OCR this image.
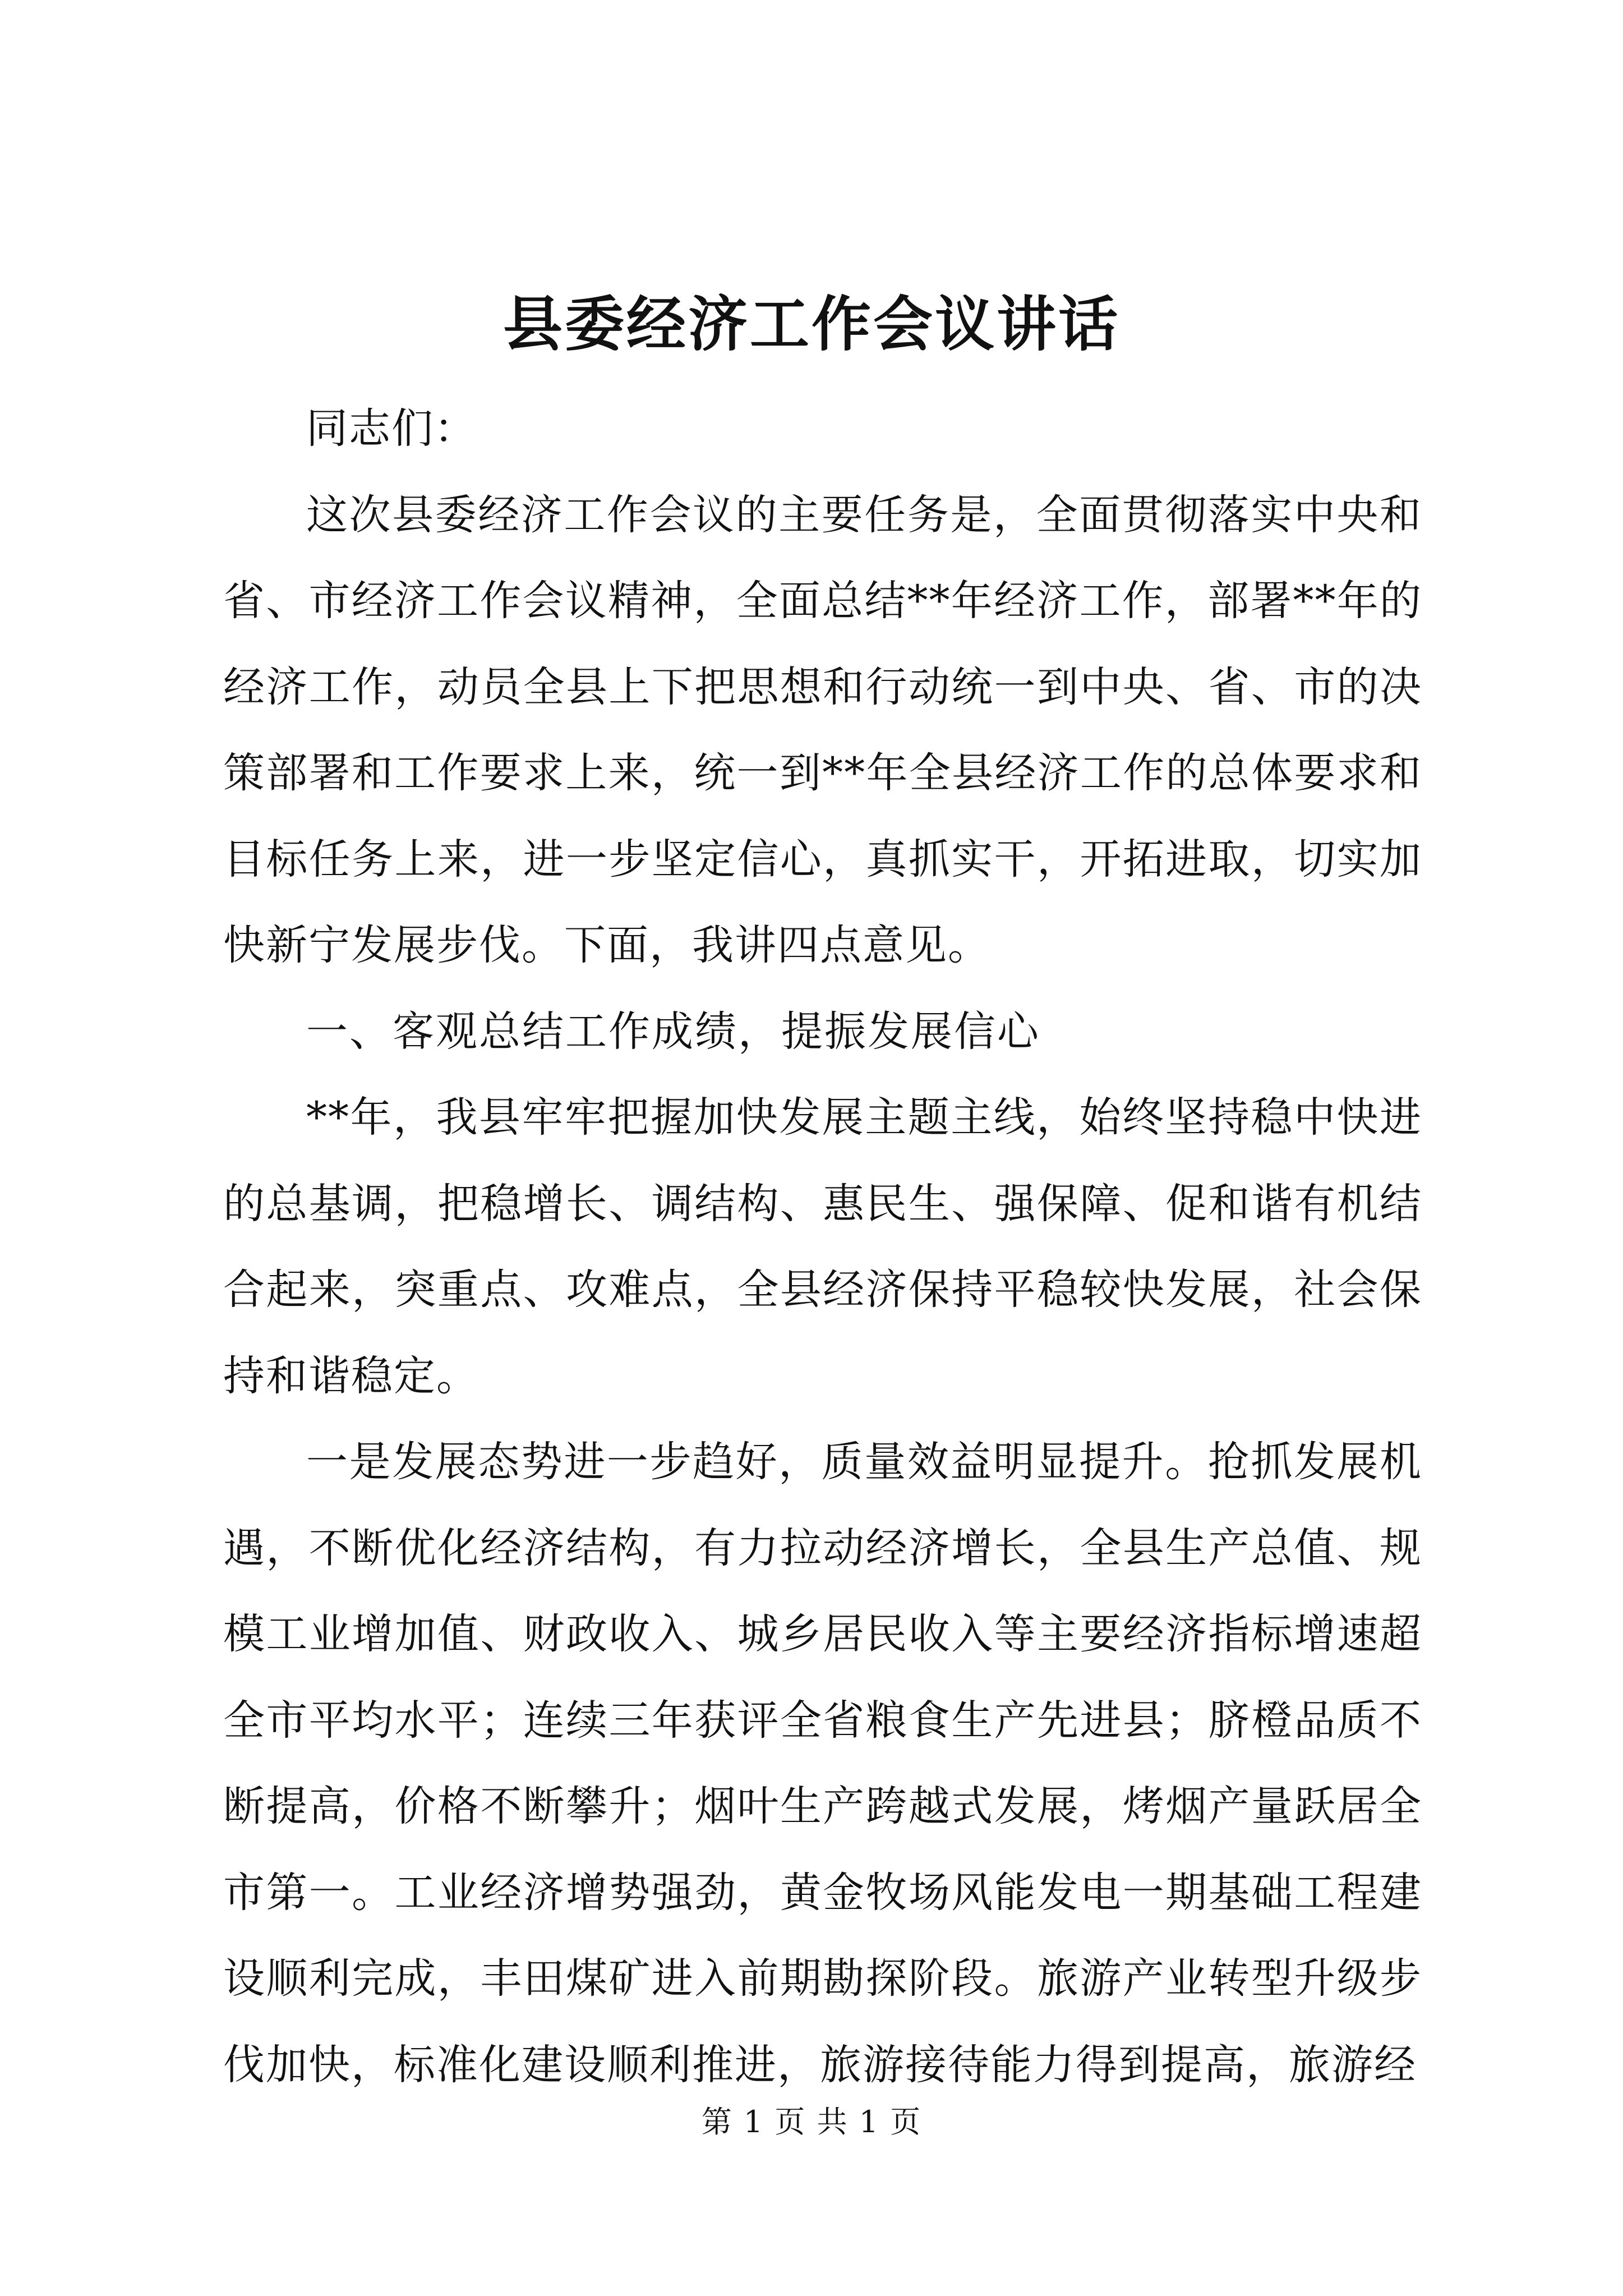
县委经济工作会议讲话

同志们：

这次县委经济工作会议的主要任务是，全面贯彻落实中央和省、市经济工作会议精神，全面总结**年经济工作，部署**年的经济工作，动员全县上下把思想和行动统一到中央、省、市的决策部署和工作要求上来，统一到**年全县经济工作的总体要求和目标任务上来，进一步坚定信心，真抓实干，开拓进取，切实加快新宁发展步伐。下面，我讲四点意见。

一、客观总结工作成绩，提振发展信心

**年，我县牢牢把握加快发展主题主线，始终坚持稳中快进的总基调，把稳增长、调结构、惠民生、强保障、促和谐有机结合起来，突重点、攻难点，全县经济保持平稳较快发展，社会保持和谐稳定。

一是发展态势进一步趋好，质量效益明显提升。抢抓发展机遇，不断优化经济结构，有力拉动经济增长，全县生产总值、规模工业增加值、财政收入、城乡居民收入等主要经济指标增速超全市平均水平；连续三年获评全省粮食生产先进县；脐橙品质不断提高，价格不断攀升；烟叶生产跨越式发展，烤烟产量跃居全市第一。工业经济增势强劲，黄金牧场风能发电一期基础工程建设顺利完成，丰田煤矿进入前期勘探阶段。旅游产业转型升级步伐加快，标准化建设顺利推进，旅游接待能力得到提高，旅游经

第 1 页 共 1 页
